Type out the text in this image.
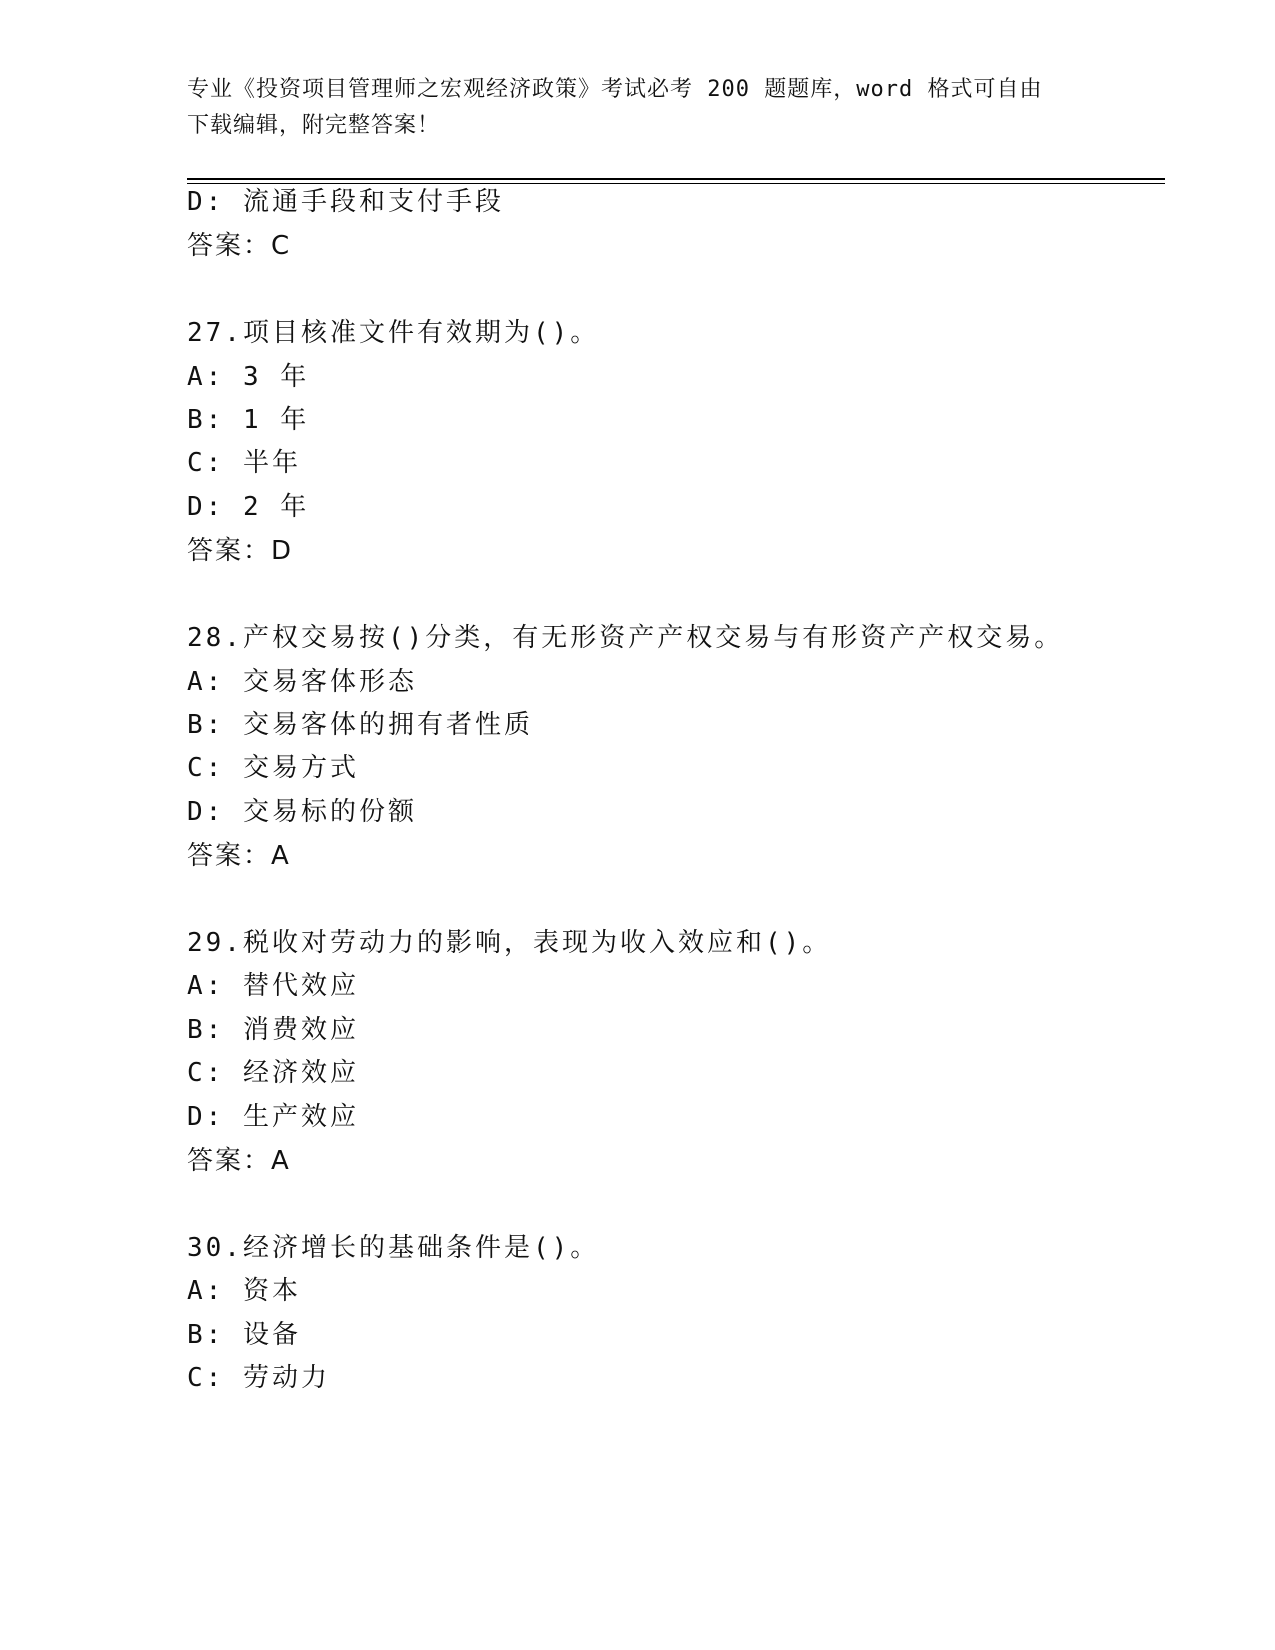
专业《投资项目管理师之宏观经济政策》考试必考 200 题题库，word 格式可自由
下载编辑，附完整答案！
D: 流通手段和支付手段
答案：C
27.项目核准文件有效期为()。
A: 3 年
B: 1 年
C: 半年
D: 2 年
答案：D
28.产权交易按()分类，有无形资产产权交易与有形资产产权交易。
A: 交易客体形态
B: 交易客体的拥有者性质
C: 交易方式
D: 交易标的份额
答案：A
29.税收对劳动力的影响，表现为收入效应和()。
A: 替代效应
B: 消费效应
C: 经济效应
D: 生产效应
答案：A
30.经济增长的基础条件是()。
A: 资本
B: 设备
C: 劳动力
